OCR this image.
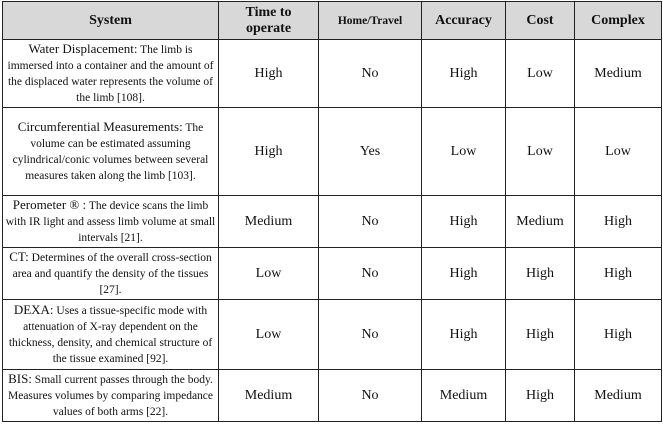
System	Time to operate	Home/Travel	Accuracy	Cost	Complex
Water Displacement: The limb is immersed into a container and the amount of the displaced water represents the volume of the limb [108].	High	No	High	Low	Medium
Circumferential Measurements: The volume can be estimated assuming cylindrical/conic volumes between several measures taken along the limb [103].	High	Yes	Low	Low	Low
Perometer ® : The device scans the limb with IR light and assess limb volume at small intervals [21].	Medium	No	High	Medium	High
CT: Determines of the overall cross-section area and quantify the density of the tissues [27].	Low	No	High	High	High
DEXA: Uses a tissue-specific mode with attenuation of X-ray dependent on the thickness, density, and chemical structure of the tissue examined [92].	Low	No	High	High	High
BIS: Small current passes through the body. Measures volumes by comparing impedance values of both arms [22].	Medium	No	Medium	High	Medium
